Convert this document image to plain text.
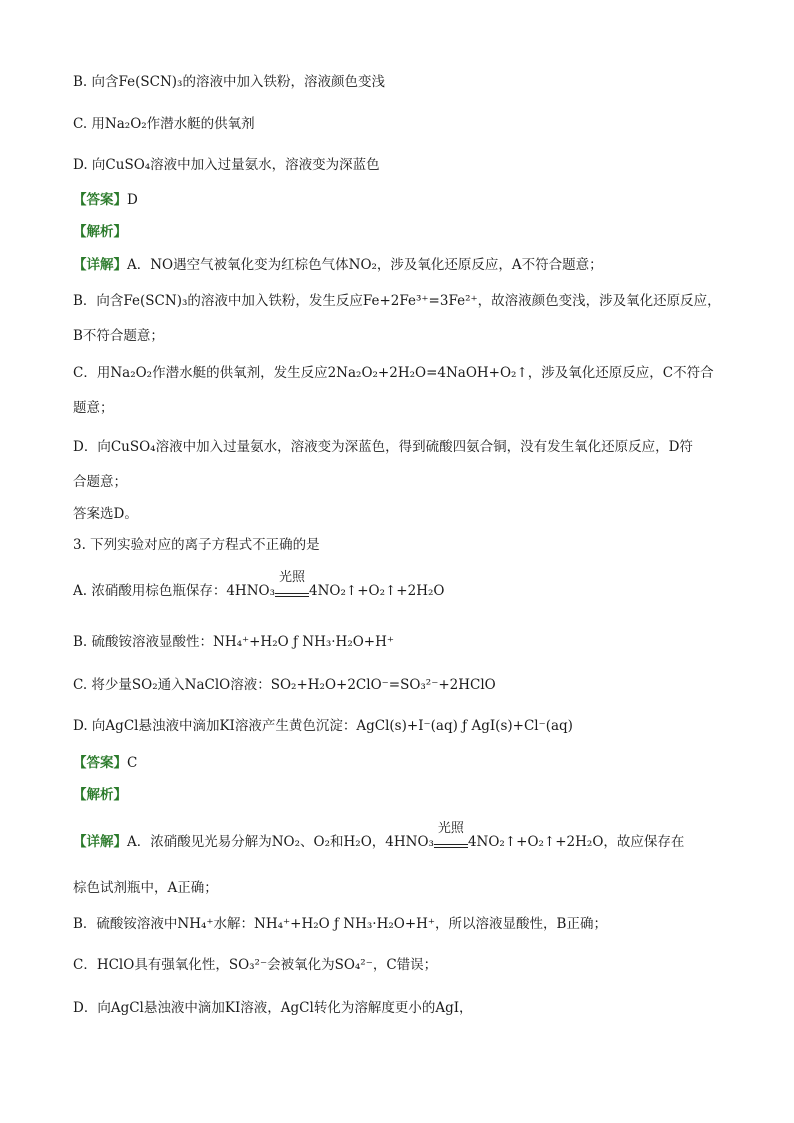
B. 向含Fe(SCN)₃的溶液中加入铁粉，溶液颜色变浅
C. 用Na₂O₂作潜水艇的供氧剂
D. 向CuSO₄溶液中加入过量氨水，溶液变为深蓝色
【答案】D
【解析】
【详解】A．NO遇空气被氧化变为红棕色气体NO₂，涉及氧化还原反应，A不符合题意；
B．向含Fe(SCN)₃的溶液中加入铁粉，发生反应Fe+2Fe³⁺=3Fe²⁺，故溶液颜色变浅，涉及氧化还原反应，
B不符合题意；
C．用Na₂O₂作潜水艇的供氧剂，发生反应2Na₂O₂+2H₂O=4NaOH+O₂↑，涉及氧化还原反应，C不符合
题意；
D．向CuSO₄溶液中加入过量氨水，溶液变为深蓝色，得到硫酸四氨合铜，没有发生氧化还原反应，D符
合题意；
答案选D。
3. 下列实验对应的离子方程式不正确的是
A. 浓硝酸用棕色瓶保存：4HNO₃
光照
4NO₂↑+O₂↑+2H₂O
B. 硫酸铵溶液显酸性：NH₄⁺+H₂O ƒ NH₃·H₂O+H⁺
C. 将少量SO₂通入NaClO溶液：SO₂+H₂O+2ClO⁻=SO₃²⁻+2HClO
D. 向AgCl悬浊液中滴加KI溶液产生黄色沉淀：AgCl(s)+I⁻(aq) ƒ AgI(s)+Cl⁻(aq)
【答案】C
【解析】
【详解】A．浓硝酸见光易分解为NO₂、O₂和H₂O，4HNO₃
光照
4NO₂↑+O₂↑+2H₂O，故应保存在
棕色试剂瓶中，A正确；
B．硫酸铵溶液中NH₄⁺水解：NH₄⁺+H₂O ƒ NH₃·H₂O+H⁺，所以溶液显酸性，B正确；
C．HClO具有强氧化性，SO₃²⁻会被氧化为SO₄²⁻，C错误；
D．向AgCl悬浊液中滴加KI溶液，AgCl转化为溶解度更小的AgI，
